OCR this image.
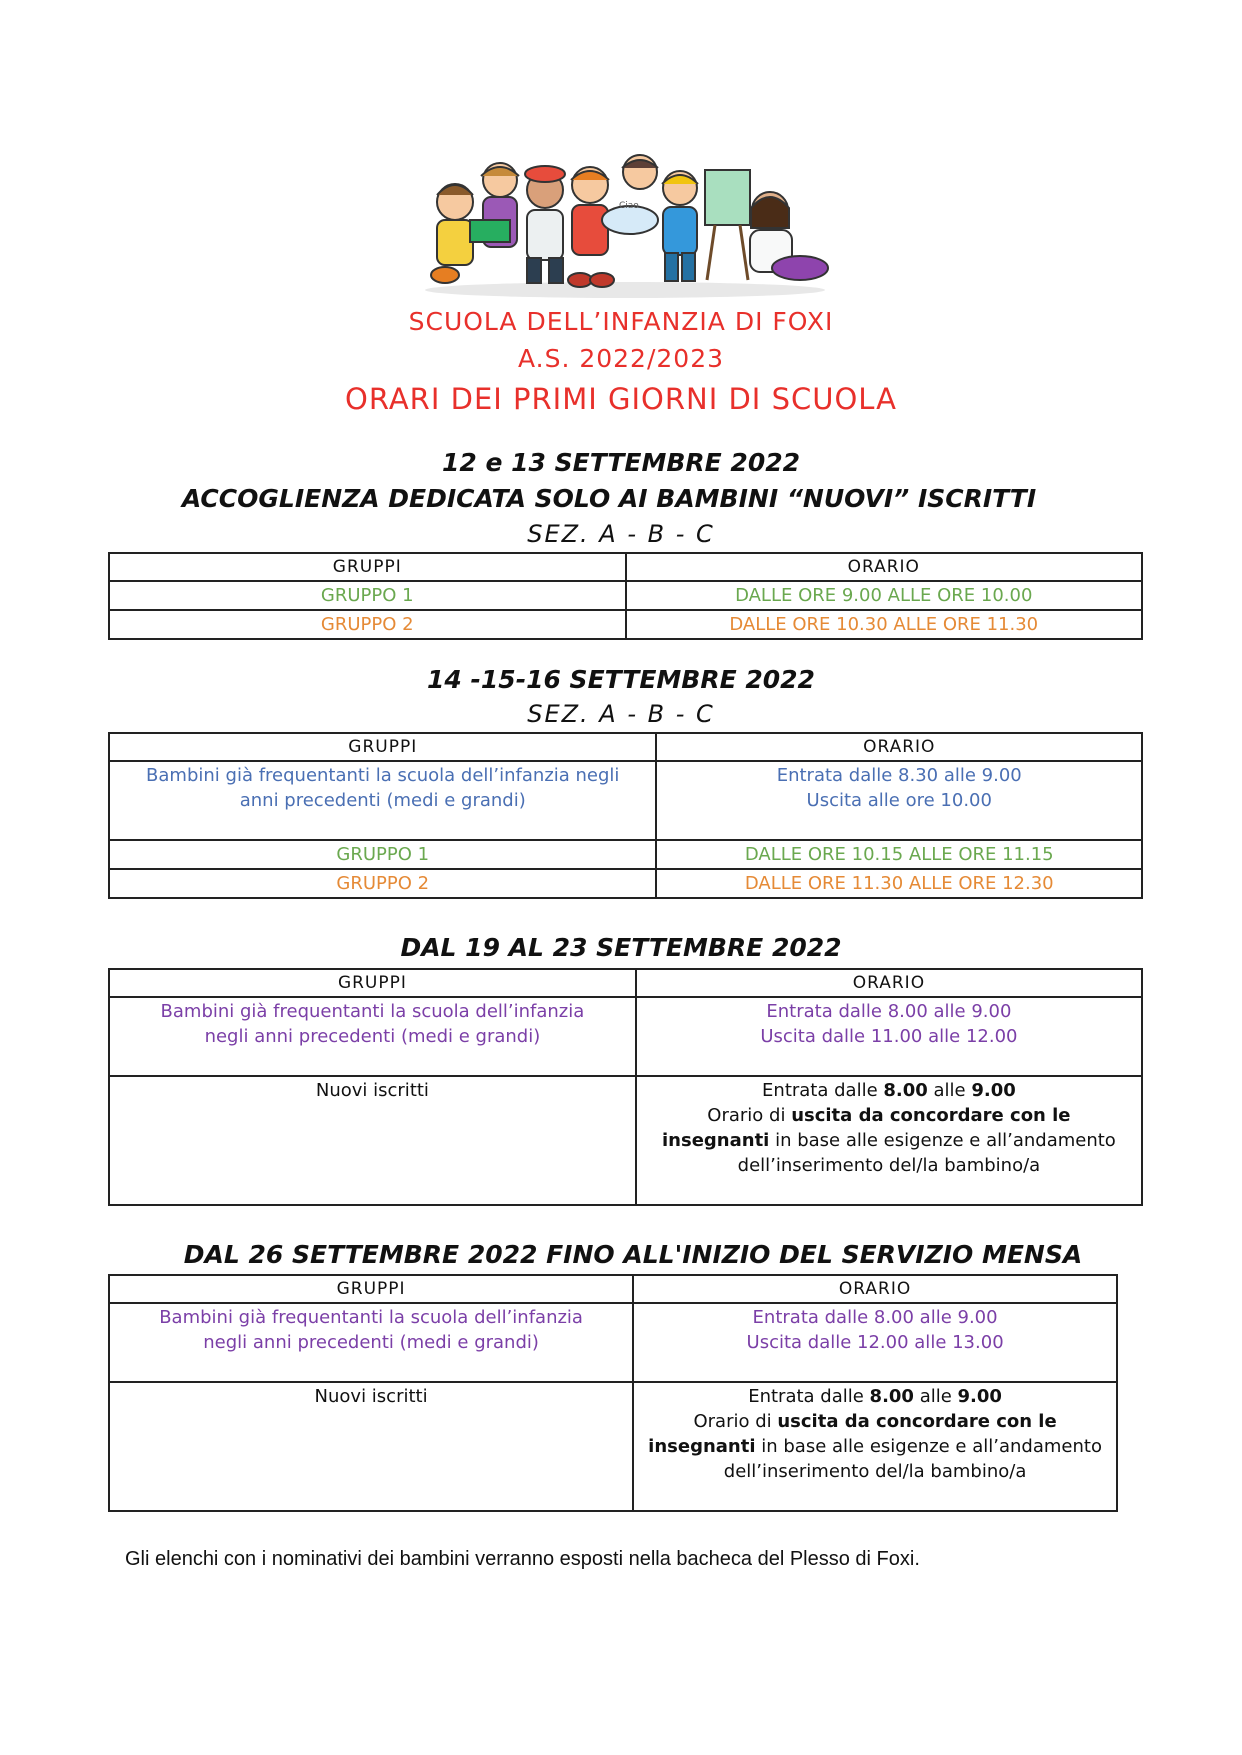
Ciao
SCUOLA DELL’INFANZIA DI FOXI
A.S. 2022/2023
ORARI DEI PRIMI GIORNI DI SCUOLA
12 e 13 SETTEMBRE 2022
ACCOGLIENZA DEDICATA SOLO AI BAMBINI “NUOVI” ISCRITTI
SEZ. A - B - C
GRUPPI	ORARIO
GRUPPO 1	DALLE ORE 9.00 ALLE ORE 10.00
GRUPPO 2	DALLE ORE 10.30 ALLE ORE 11.30
14 -15-16 SETTEMBRE 2022
SEZ. A - B - C
GRUPPI	ORARIO
Bambini già frequentanti la scuola dell’infanzia negli anni precedenti (medi e grandi)	Entrata dalle 8.30 alle 9.00
Uscita alle ore 10.00

GRUPPO 1	DALLE ORE 10.15 ALLE ORE 11.15
GRUPPO 2	DALLE ORE 11.30 ALLE ORE 12.30
DAL 19 AL 23 SETTEMBRE 2022
GRUPPI	ORARIO
Bambini già frequentanti la scuola dell’infanzia negli anni precedenti (medi e grandi)	Entrata dalle 8.00 alle 9.00
Uscita dalle 11.00 alle 12.00

Nuovi iscritti	Entrata dalle 8.00 alle 9.00
Orario di uscita da concordare con le insegnanti in base alle esigenze e all’andamento dell’inserimento del/la bambino/a
DAL 26 SETTEMBRE 2022 FINO ALL'INIZIO DEL SERVIZIO MENSA
GRUPPI	ORARIO
Bambini già frequentanti la scuola dell’infanzia negli anni precedenti (medi e grandi)	Entrata dalle 8.00 alle 9.00
Uscita dalle 12.00 alle 13.00

Nuovi iscritti	Entrata dalle 8.00 alle 9.00
Orario di uscita da concordare con le insegnanti in base alle esigenze e all’andamento dell’inserimento del/la bambino/a
Gli elenchi con i nominativi dei bambini verranno esposti nella bacheca del Plesso di Foxi.
